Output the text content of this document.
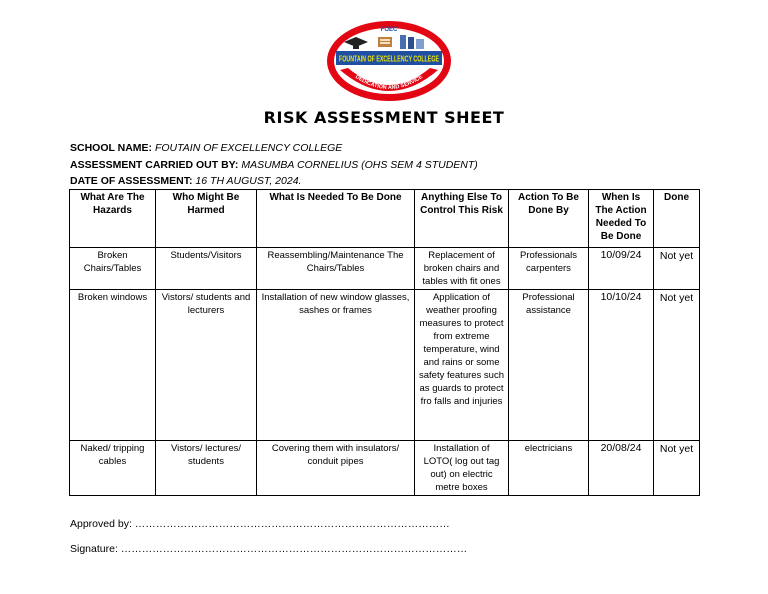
FOEC
FOUNTAIN OF EXCELLENCY COLLEGE
DEDICATION AND SERVICE
RISK ASSESSMENT SHEET
SCHOOL NAME: FOUTAIN OF EXCELLENCY COLLEGE
ASSESSMENT CARRIED OUT BY: MASUMBA CORNELIUS (OHS SEM 4 STUDENT)
DATE OF ASSESSMENT: 16 TH AUGUST, 2024.
What Are The Hazards	Who Might Be Harmed	What Is Needed To Be Done	Anything Else To Control This Risk	Action To Be Done By	When Is The Action Needed To Be Done	Done
Broken Chairs/Tables	Students/Visitors	Reassembling/Maintenance The Chairs/Tables	Replacement of broken chairs and tables with fit ones	Professionals carpenters	10/09/24	Not yet
Broken windows	Vistors/ students and lecturers	Installation of new window glasses, sashes or frames	Application of weather proofing measures to protect from extreme temperature, wind and rains or some safety features such as guards to protect fro falls and injuries	Professional assistance	10/10/24	Not yet
Naked/ tripping cables	Vistors/ lectures/ students	Covering them with insulators/ conduit pipes	Installation of LOTO( log out tag out) on electric metre boxes	electricians	20/08/24	Not yet
Approved by: ………………………………………………………………………………
Signature: ………………………………………………………………………………………
